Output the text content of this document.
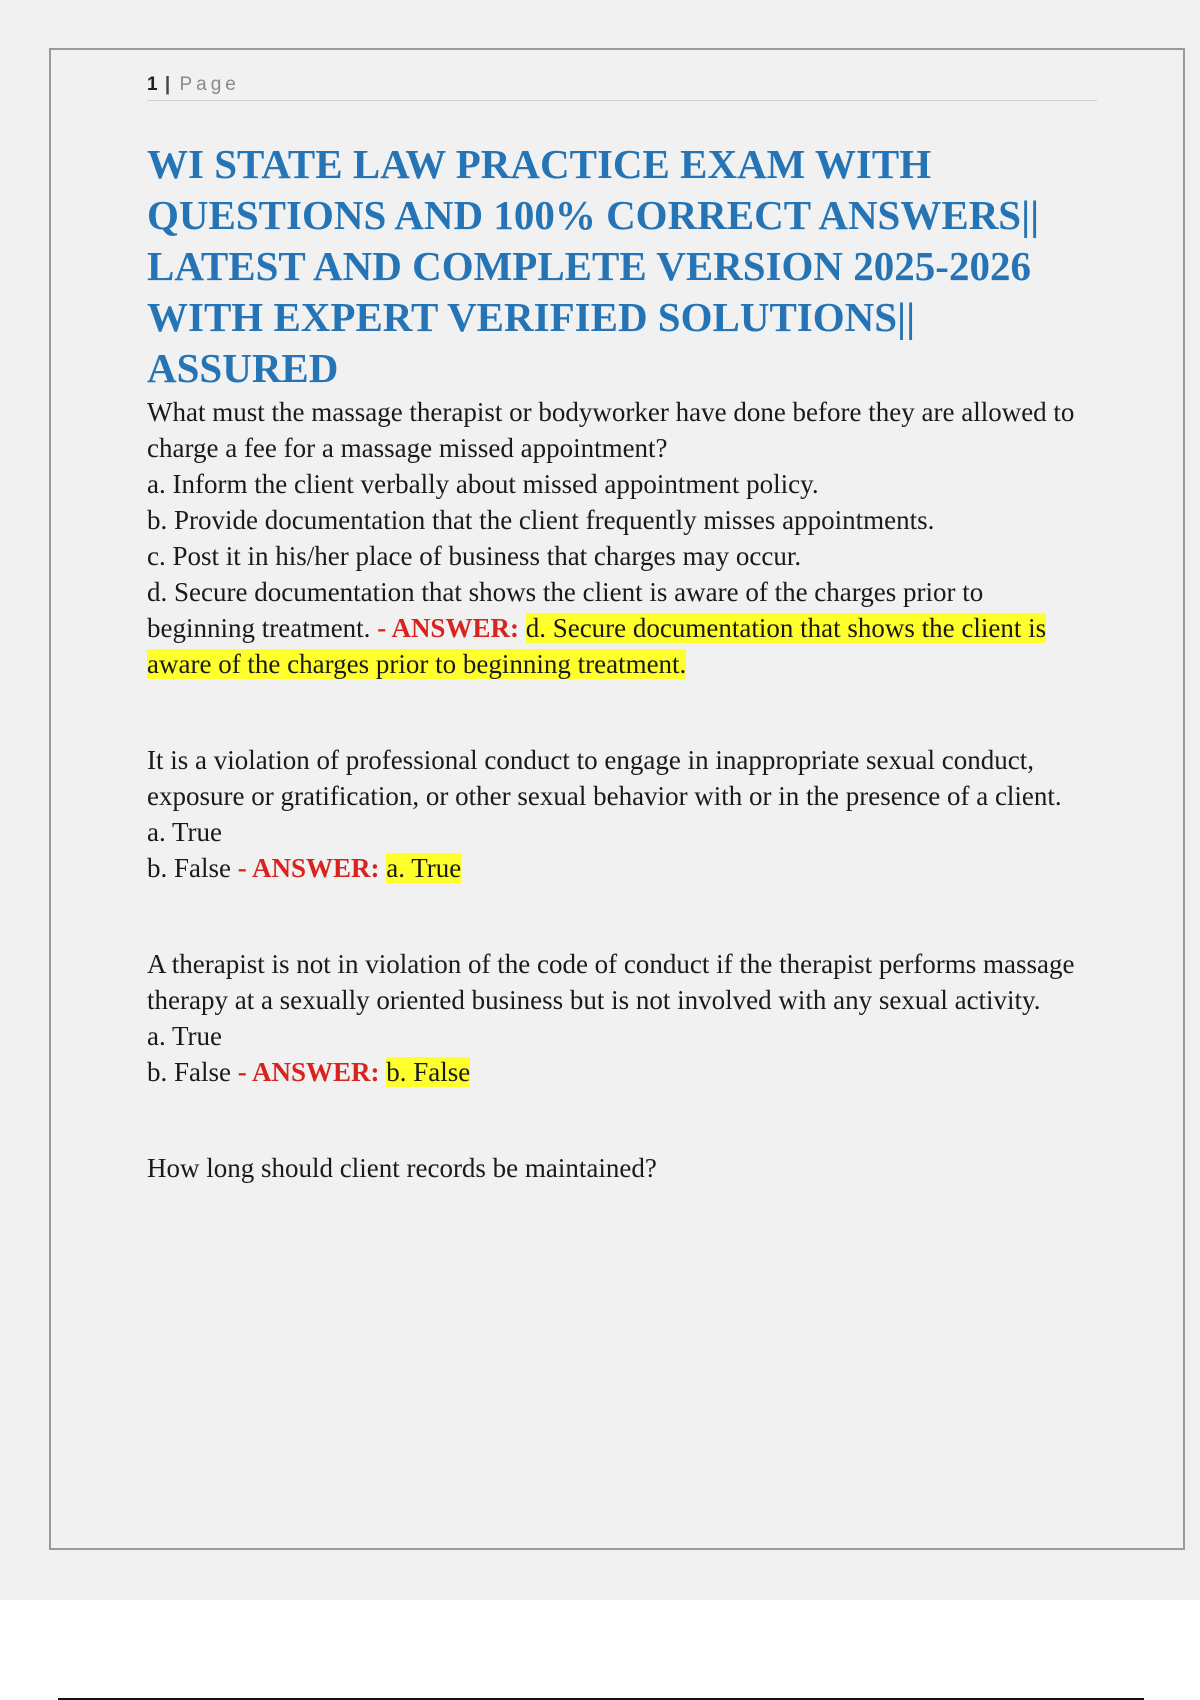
1 | Page
WI STATE LAW PRACTICE EXAM WITH QUESTIONS AND 100% CORRECT ANSWERS|| LATEST AND COMPLETE VERSION 2025-2026 WITH EXPERT VERIFIED SOLUTIONS|| ASSURED

What must the massage therapist or bodyworker have done before they are allowed to charge a fee for a massage missed appointment?

a. Inform the client verbally about missed appointment policy.

b. Provide documentation that the client frequently misses appointments.

c. Post it in his/her place of business that charges may occur.

d. Secure documentation that shows the client is aware of the charges prior to beginning treatment. - ANSWER: d. Secure documentation that shows the client is aware of the charges prior to beginning treatment.

It is a violation of professional conduct to engage in inappropriate sexual conduct, exposure or gratification, or other sexual behavior with or in the presence of a client.

a. True

b. False - ANSWER: a. True

A therapist is not in violation of the code of conduct if the therapist performs massage therapy at a sexually oriented business but is not involved with any sexual activity.

a. True

b. False - ANSWER: b. False

How long should client records be maintained?
